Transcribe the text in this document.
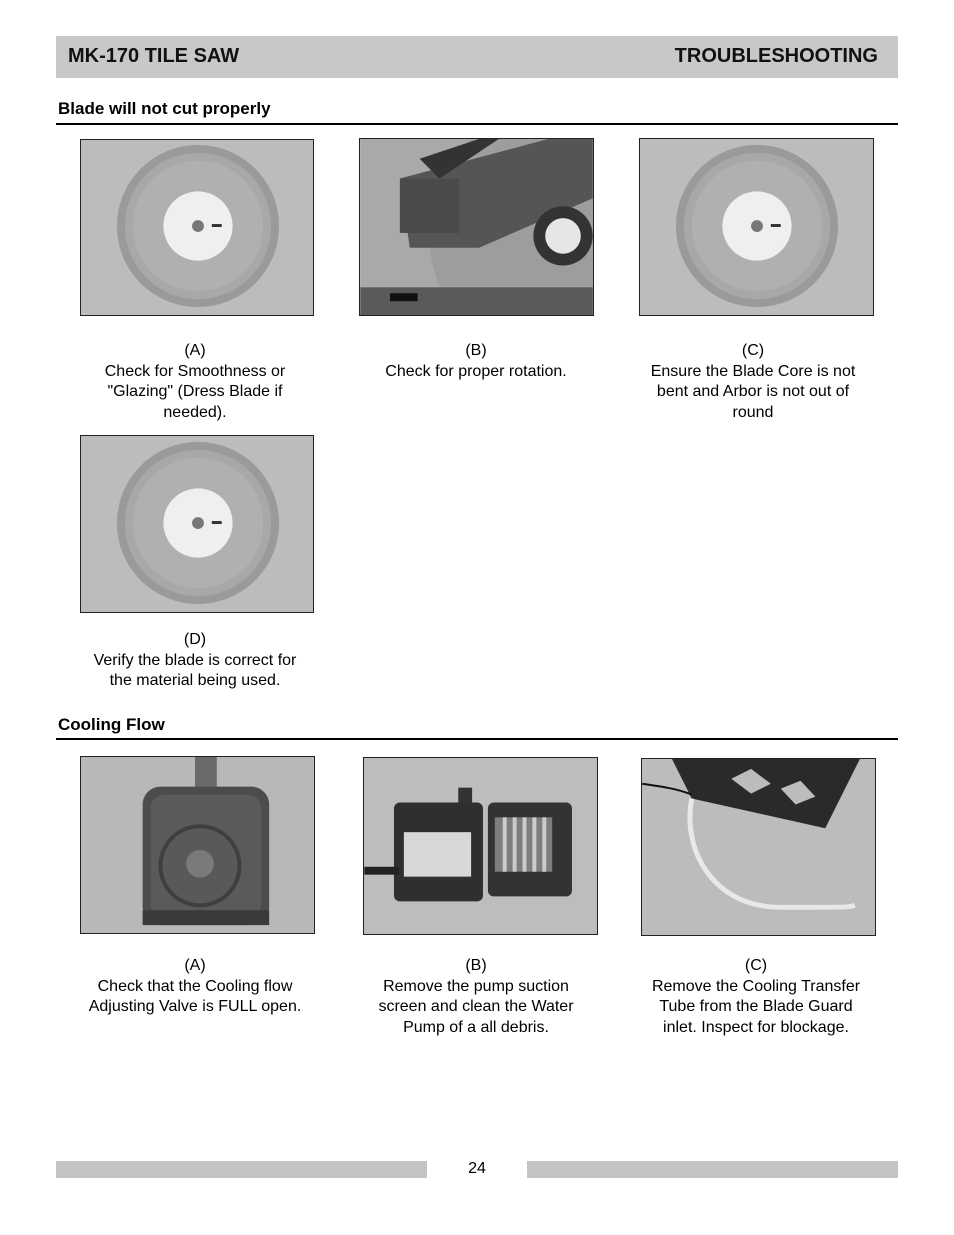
MK-170 TILE SAW	TROUBLESHOOTING
Blade will not cut properly
(A)
Check for Smoothness or "Glazing" (Dress Blade if needed).
(B)
Check for proper rotation.
(C)
Ensure the Blade Core is not bent and Arbor is not out of round
(D)
Verify the blade is correct for the material being used.
Cooling Flow
(A)
Check that the Cooling flow Adjusting Valve is FULL open.
(B)
Remove the pump suction screen and clean the Water Pump of a all debris.
(C)
Remove the Cooling Transfer Tube from the Blade Guard inlet. Inspect for blockage.
24
